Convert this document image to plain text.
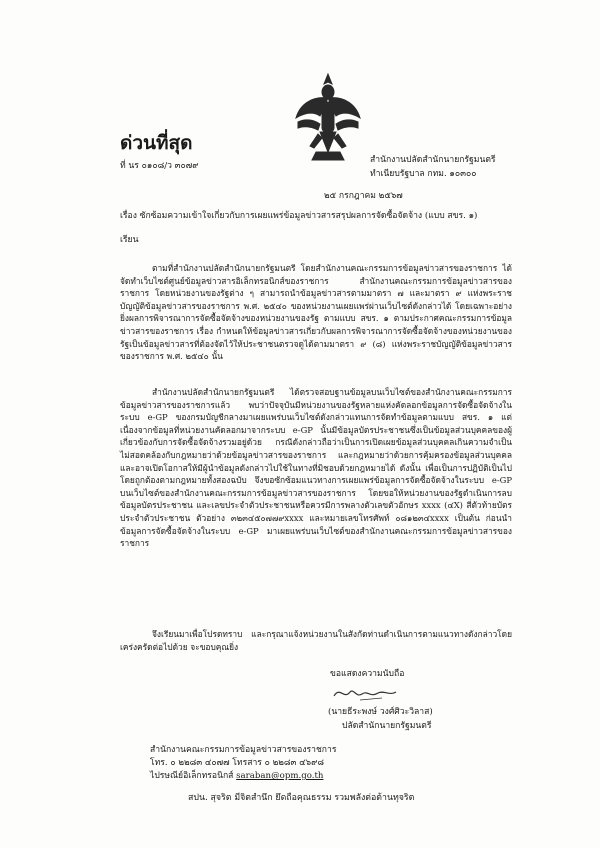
ด่วนที่สุด
ที่ นร ๐๑๐๘/ว ๓๐๗๙
สำนักงานปลัดสำนักนายกรัฐมนตรี
ทำเนียบรัฐบาล กทม. ๑๐๓๐๐
๒๕ กรกฎาคม ๒๕๖๗
เรื่อง ซักซ้อมความเข้าใจเกี่ยวกับการเผยแพร่ข้อมูลข่าวสารสรุปผลการจัดซื้อจัดจ้าง (แบบ สขร. ๑)
เรียน

ตามที่สำนักงานปลัดสำนักนายกรัฐมนตรี โดยสำนักงานคณะกรรมการข้อมูลข่าวสารของราชการ ได้จัดทำเว็บไซต์ศูนย์ข้อมูลข่าวสารอิเล็กทรอนิกส์ของราชการ สำนักงานคณะกรรมการข้อมูลข่าวสารของราชการ โดยหน่วยงานของรัฐต่าง ๆ สามารถนำข้อมูลข่าวสารตามมาตรา ๗ และมาตรา ๙ แห่งพระราชบัญญัติข้อมูลข่าวสารของราชการ พ.ศ. ๒๕๔๐ ของหน่วยงานเผยแพร่ผ่านเว็บไซต์ดังกล่าวได้ โดยเฉพาะอย่างยิ่งผลการพิจารณาการจัดซื้อจัดจ้างของหน่วยงานของรัฐ ตามแบบ สขร. ๑ ตามประกาศคณะกรรมการข้อมูลข่าวสารของราชการ เรื่อง กำหนดให้ข้อมูลข่าวสารเกี่ยวกับผลการพิจารณาการจัดซื้อจัดจ้างของหน่วยงานของรัฐเป็นข้อมูลข่าวสารที่ต้องจัดไว้ให้ประชาชนตรวจดูได้ตามมาตรา ๙ (๘) แห่งพระราชบัญญัติข้อมูลข่าวสารของราชการ พ.ศ. ๒๕๔๐ นั้น

สำนักงานปลัดสำนักนายกรัฐมนตรี ได้ตรวจสอบฐานข้อมูลบนเว็บไซต์ของสำนักงานคณะกรรมการข้อมูลข่าวสารของราชการแล้ว พบว่าปัจจุบันมีหน่วยงานของรัฐหลายแห่งคัดลอกข้อมูลการจัดซื้อจัดจ้างในระบบ e-GP ของกรมบัญชีกลางมาเผยแพร่บนเว็บไซต์ดังกล่าวแทนการจัดทำข้อมูลตามแบบ สขร. ๑ แต่เนื่องจากข้อมูลที่หน่วยงานคัดลอกมาจากระบบ e-GP นั้นมีข้อมูลบัตรประชาชนซึ่งเป็นข้อมูลส่วนบุคคลของผู้เกี่ยวข้องกับการจัดซื้อจัดจ้างรวมอยู่ด้วย กรณีดังกล่าวถือว่าเป็นการเปิดเผยข้อมูลส่วนบุคคลเกินความจำเป็น ไม่สอดคล้องกับกฎหมายว่าด้วยข้อมูลข่าวสารของราชการ และกฎหมายว่าด้วยการคุ้มครองข้อมูลส่วนบุคคล และอาจเปิดโอกาสให้มีผู้นำข้อมูลดังกล่าวไปใช้ในทางที่มิชอบด้วยกฎหมายได้ ดังนั้น เพื่อเป็นการปฏิบัติเป็นไปโดยถูกต้องตามกฎหมายทั้งสองฉบับ จึงขอซักซ้อมแนวทางการเผยแพร่ข้อมูลการจัดซื้อจัดจ้างในระบบ e-GP บนเว็บไซต์ของสำนักงานคณะกรรมการข้อมูลข่าวสารของราชการ โดยขอให้หน่วยงานของรัฐดำเนินการลบข้อมูลบัตรประชาชน และเลขประจำตัวประชาชนหรือควรมีการพลางตัวเลขตัวอักษร xxxx (๔X) สี่ตัวท้ายบัตรประจำตัวประชาชน ตัวอย่าง ๓๒๓๔๕๐๗๗๙xxxx และหมายเลขโทรศัพท์ ๐๘๑๒๓๔xxxx เป็นต้น ก่อนนำข้อมูลการจัดซื้อจัดจ้างในระบบ e-GP มาเผยแพร่บนเว็บไซต์ของสำนักงานคณะกรรมการข้อมูลข่าวสารของราชการ

จึงเรียนมาเพื่อโปรดทราบ และกรุณาแจ้งหน่วยงานในสังกัดท่านดำเนินการตามแนวทางดังกล่าวโดยเคร่งครัดต่อไปด้วย จะขอบคุณยิ่ง

ขอแสดงความนับถือ
(นายธีระพงษ์ วงศ์ศิวะวิลาส)
ปลัดสำนักนายกรัฐมนตรี
สำนักงานคณะกรรมการข้อมูลข่าวสารของราชการ
โทร. ๐ ๒๒๘๓ ๔๐๗๗ โทรสาร ๐ ๒๒๘๓ ๔๖๙๘
ไปรษณีย์อิเล็กทรอนิกส์ saraban@opm.go.th
สปน. สุจริต มีจิตสำนึก ยึดถือคุณธรรม รวมพลังต่อต้านทุจริต
